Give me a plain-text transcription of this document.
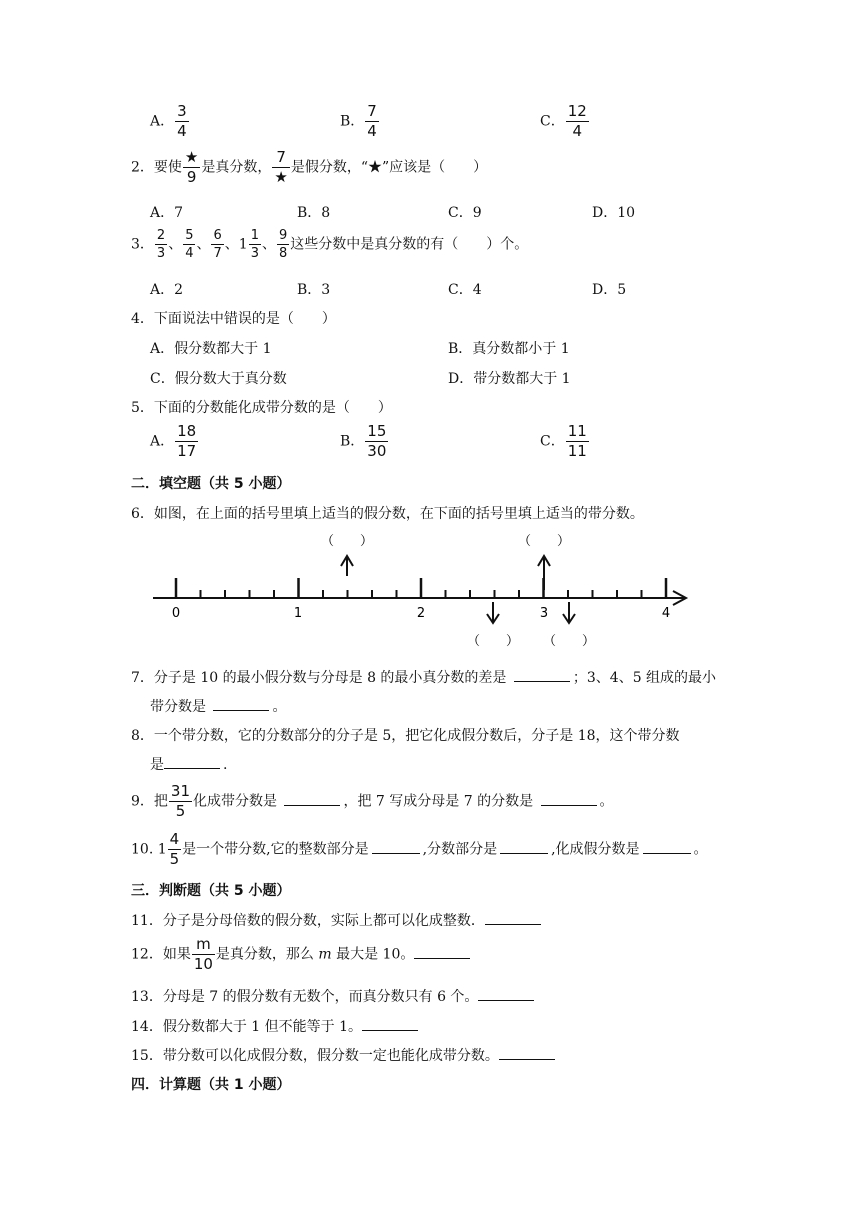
A． $\frac{3}{4}$	B． $\frac{7}{4}$	C． $\frac{12}{4}$
2．要使 $\frac{★}{9}$ 是真分数， $\frac{7}{★}$ 是假分数，“★”应该是（　　）
A．7	B．8	C．9	D．10
3． $\frac{2}{3}$ 、 $\frac{5}{4}$ 、 $\frac{6}{7}$ 、$1 \frac{1}{3}$ 、 $\frac{9}{8}$ 这些分数中是真分数的有（　　）个。
A．2	B．3	C．4	D．5
4．下面说法中错误的是（　　）
A．假分数都大于 1	B．真分数都小于 1
C．假分数大于真分数	D．带分数都大于 1
5．下面的分数能化成带分数的是（　　）
A． $\frac{18}{17}$	B． $\frac{15}{30}$	C． $\frac{11}{11}$
二．填空题（共 5 小题）
6．如图，在上面的括号里填上适当的假分数，在下面的括号里填上适当的带分数。
0	1	2	3	4
（　　）	（　　）
（　　） （　　）
7．分子是 10 的最小假分数与分母是 8 的最小真分数的差是	；3、4、5 组成的最小
带分数是	。
8．一个带分数，它的分数部分的分子是 5，把它化成假分数后，分子是 18，这个带分数
是	.
9．把 $\frac{31}{5}$ 化成带分数是	，把 7 写成分母是 7 的分数是	。
10. $1 \frac{4}{5}$ 是一个带分数,它的整数部分是	,分数部分是	,化成假分数是	。
三．判断题（共 5 小题）
11．分子是分母倍数的假分数，实际上都可以化成整数．
12．如果 $\frac{m}{10}$ 是真分数，那么 m 最大是 10。
13．分母是 7 的假分数有无数个，而真分数只有 6 个。
14．假分数都大于 1 但不能等于 1。
15．带分数可以化成假分数，假分数一定也能化成带分数。
四．计算题（共 1 小题）
